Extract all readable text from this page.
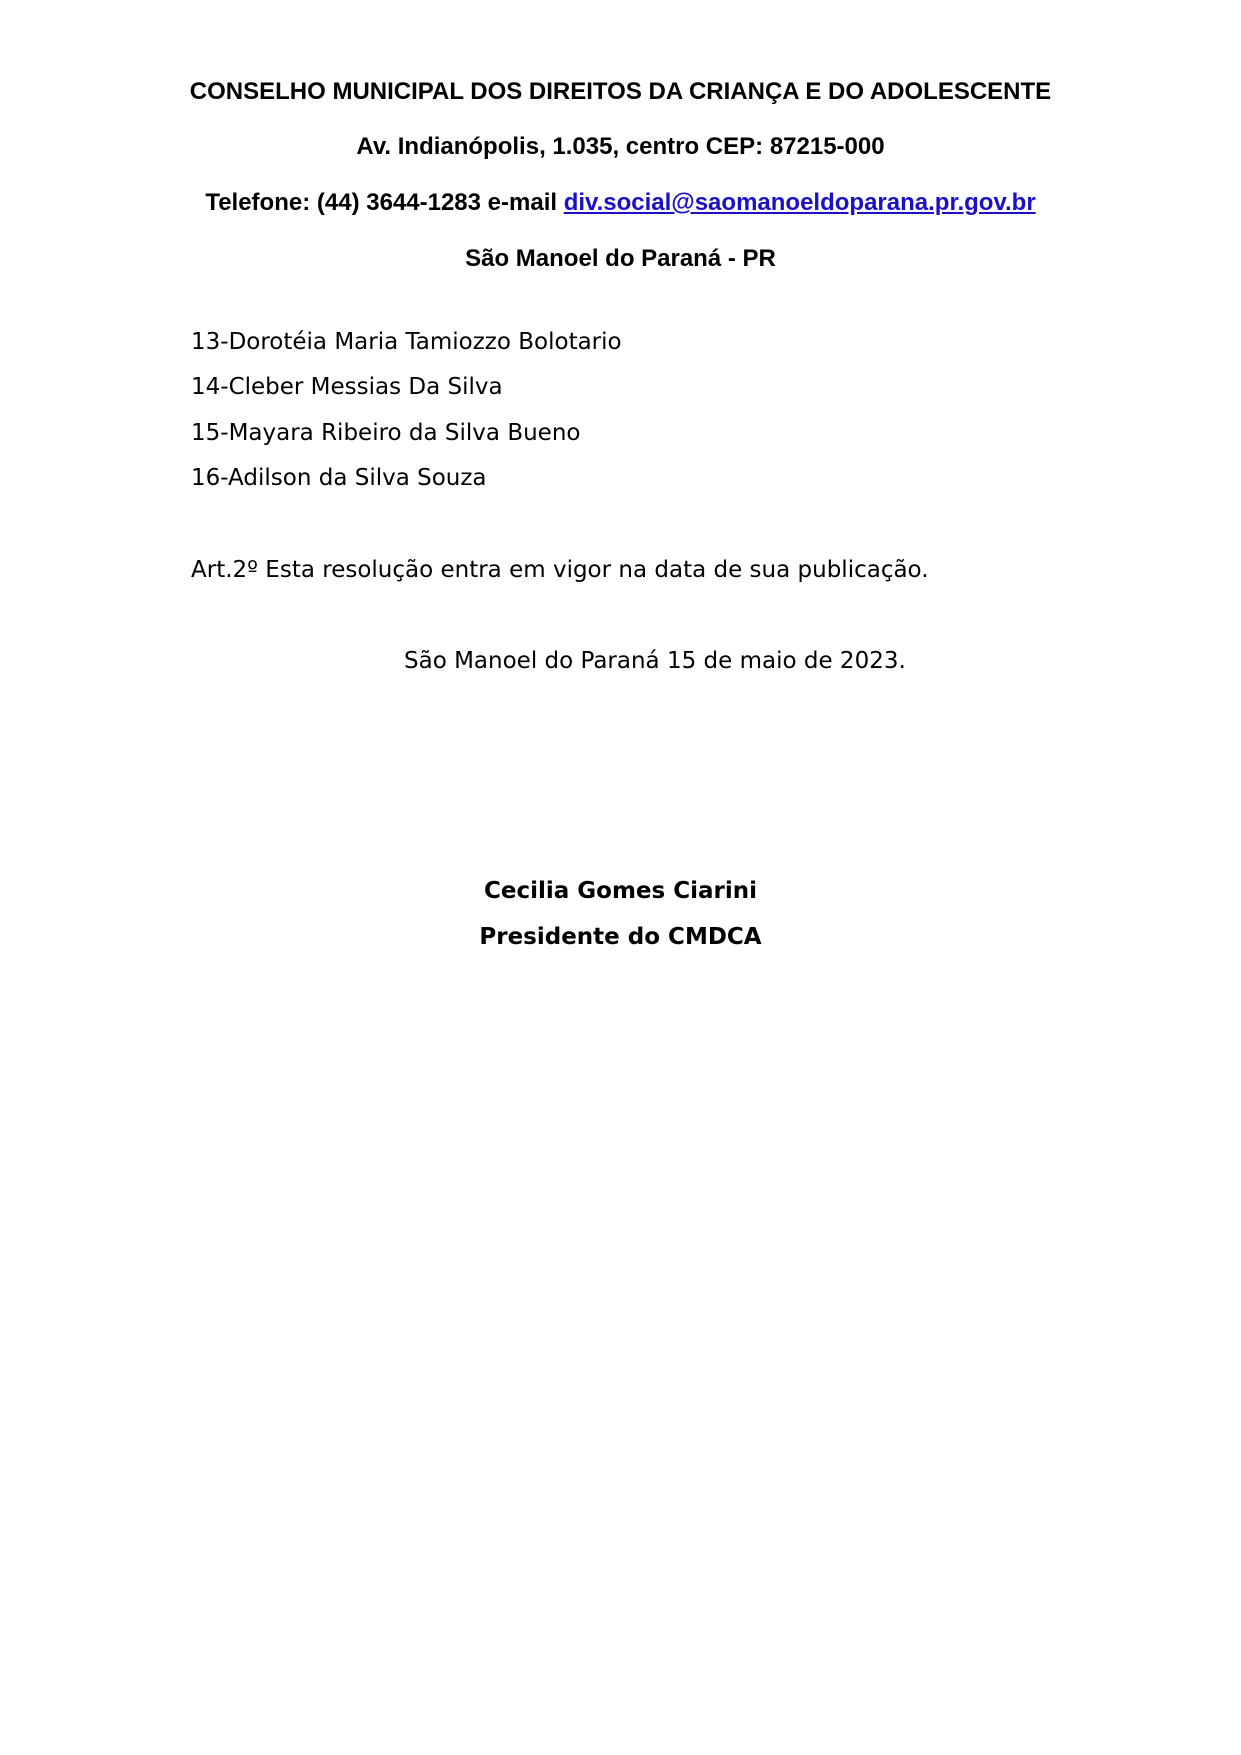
CONSELHO MUNICIPAL DOS DIREITOS DA CRIANÇA E DO ADOLESCENTE
Av. Indianópolis, 1.035, centro CEP: 87215-000
Telefone: (44) 3644-1283 e-mail div.social@saomanoeldoparana.pr.gov.br
São Manoel do Paraná - PR
13-Dorotéia Maria Tamiozzo Bolotario
14-Cleber Messias Da Silva
15-Mayara Ribeiro da Silva Bueno
16-Adilson da Silva Souza
Art.2º Esta resolução entra em vigor na data de sua publicação.
São Manoel do Paraná 15 de maio de 2023.
Cecilia Gomes Ciarini
Presidente do CMDCA
